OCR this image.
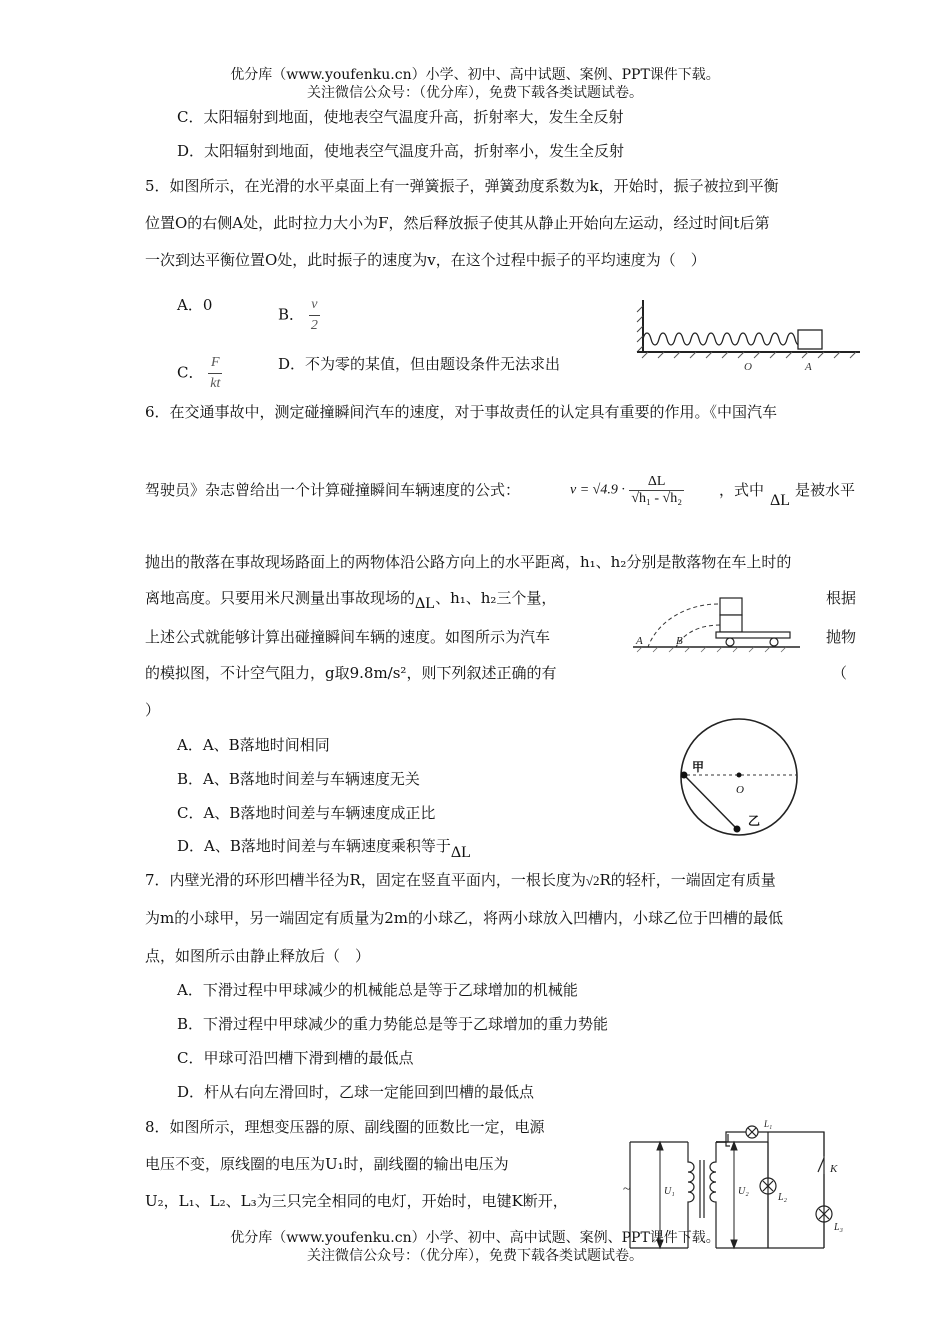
优分库（www.youfenku.cn）小学、初中、高中试题、案例、PPT课件下载。
关注微信公众号：（优分库），免费下载各类试题试卷。
C．太阳辐射到地面，使地表空气温度升高，折射率大，发生全反射
D．太阳辐射到地面，使地表空气温度升高，折射率小，发生全反射
5．如图所示，在光滑的水平桌面上有一弹簧振子，弹簧劲度系数为k，开始时，振子被拉到平衡
位置O的右侧A处，此时拉力大小为F，然后释放振子使其从静止开始向左运动，经过时间t后第
一次到达平衡位置O处，此时振子的速度为v，在这个过程中振子的平均速度为（　）
A．0
B． $\frac{v}{2}$
C． $\frac{F}{kt}$	D．不为零的某值，但由题设条件无法求出	O	A
6．在交通事故中，测定碰撞瞬间汽车的速度，对于事故责任的认定具有重要的作用。《中国汽车
驾驶员》杂志曾给出一个计算碰撞瞬间车辆速度的公式：	$v = √4.9 \cdot \frac{\Delta L}{\text{√h₁ - √h₂}}$ ，式中
ΔL
是被水平
抛出的散落在事故现场路面上的两物体沿公路方向上的水平距离，h₁、h₂分别是散落物在车上时的
离地高度。只要用米尺测量出事故现场的ΔL、h₁、h₂三个量，	根据
上述公式就能够计算出碰撞瞬间车辆的速度。如图所示为汽车	抛物
的模拟图，不计空气阻力，g取9.8m/s²，则下列叙述正确的有	（
）
A	B
A．A、B落地时间相同
B．A、B落地时间差与车辆速度无关
C．A、B落地时间差与车辆速度成正比
D．A、B落地时间差与车辆速度乘积等于ΔL
甲
O
乙
7．内壁光滑的环形凹槽半径为R，固定在竖直平面内，一根长度为√2R的轻杆，一端固定有质量
为m的小球甲，另一端固定有质量为2m的小球乙，将两小球放入凹槽内，小球乙位于凹槽的最低
点，如图所示由静止释放后（　）
A．下滑过程中甲球减少的机械能总是等于乙球增加的机械能
B．下滑过程中甲球减少的重力势能总是等于乙球增加的重力势能
C．甲球可沿凹槽下滑到槽的最低点
D．杆从右向左滑回时，乙球一定能回到凹槽的最低点
8．如图所示，理想变压器的原、副线圈的匝数比一定，电源
电压不变，原线圈的电压为U₁时，副线圈的输出电压为
U₂，L₁、L₂、L₃为三只完全相同的电灯，开始时，电键K断开，
~	U₁	U₂
L₁
L₂
K
L₃
优分库（www.youfenku.cn）小学、初中、高中试题、案例、PPT课件下载。
关注微信公众号：（优分库），免费下载各类试题试卷。
